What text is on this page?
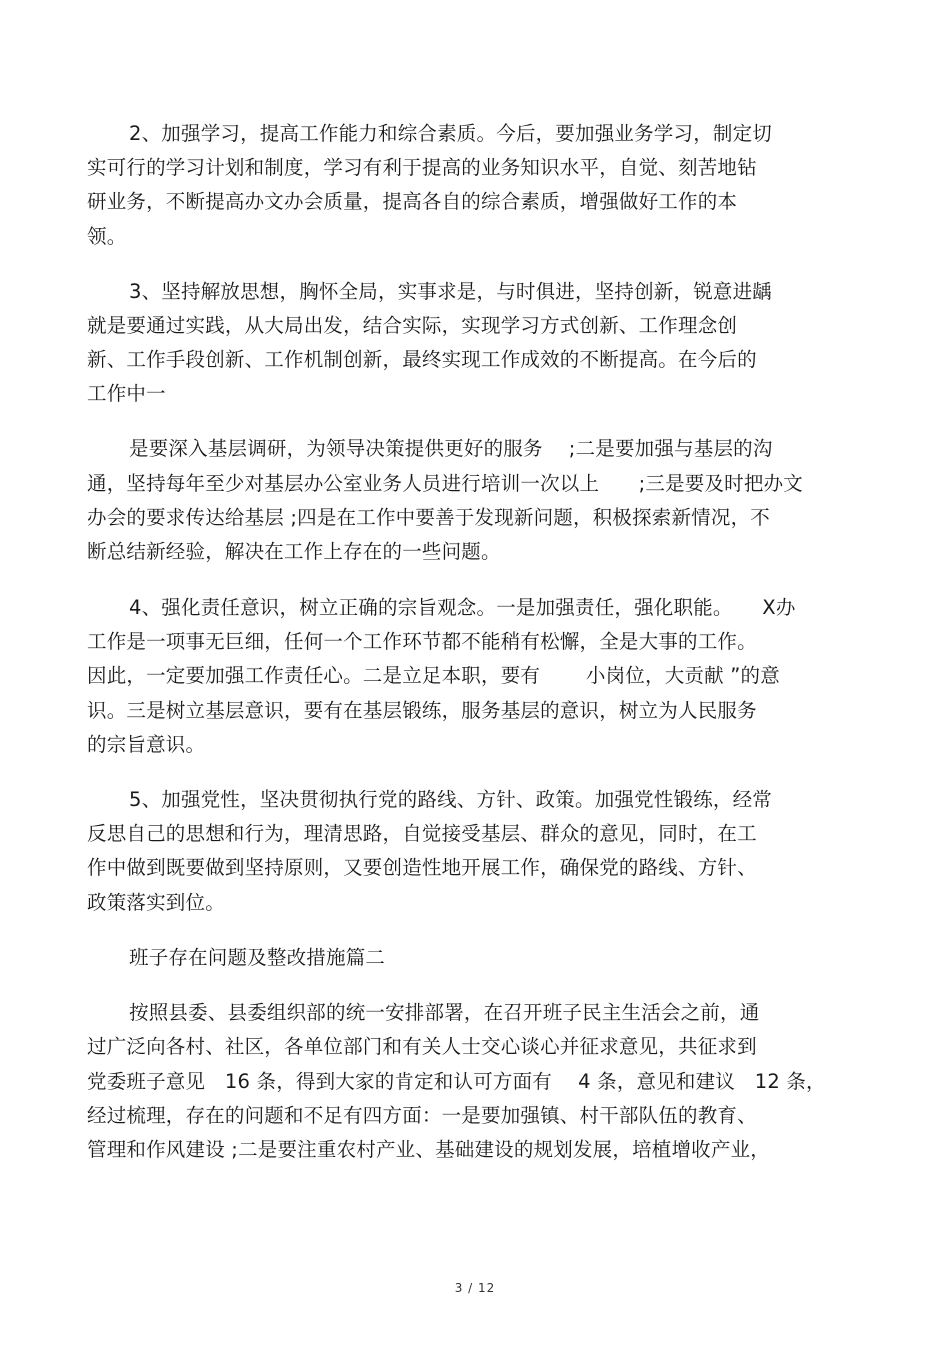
2、加强学习，提高工作能力和综合素质。今后，要加强业务学习，制定切
实可行的学习计划和制度，学习有利于提高的业务知识水平，自觉、刻苦地钻
研业务，不断提高办文办会质量，提高各自的综合素质，增强做好工作的本
领。
3、坚持解放思想，胸怀全局，实事求是，与时俱进，坚持创新，锐意进龋
就是要通过实践，从大局出发，结合实际，实现学习方式创新、工作理念创
新、工作手段创新、工作机制创新，最终实现工作成效的不断提高。在今后的
工作中一
是要深入基层调研，为领导决策提供更好的服务　 ;二是要加强与基层的沟
通，坚持每年至少对基层办公室业务人员进行培训一次以上　　;三是要及时把办文
办会的要求传达给基层 ;四是在工作中要善于发现新问题，积极探索新情况，不
断总结新经验，解决在工作上存在的一些问题。
4、强化责任意识，树立正确的宗旨观念。一是加强责任，强化职能。　　X办
工作是一项事无巨细，任何一个工作环节都不能稍有松懈，全是大事的工作。
因此，一定要加强工作责任心。二是立足本职，要有　　 小岗位，大贡献 ”的意
识。三是树立基层意识，要有在基层锻练，服务基层的意识，树立为人民服务
的宗旨意识。
5、加强党性，坚决贯彻执行党的路线、方针、政策。加强党性锻练，经常
反思自己的思想和行为，理清思路，自觉接受基层、群众的意见，同时，在工
作中做到既要做到坚持原则，又要创造性地开展工作，确保党的路线、方针、
政策落实到位。
班子存在问题及整改措施篇二
按照县委、县委组织部的统一安排部署，在召开班子民主生活会之前，通
过广泛向各村、社区，各单位部门和有关人士交心谈心并征求意见，共征求到
党委班子意见　16 条，得到大家的肯定和认可方面有　 4 条，意见和建议　12 条，
经过梳理，存在的问题和不足有四方面：一是要加强镇、村干部队伍的教育、
管理和作风建设 ;二是要注重农村产业、基础建设的规划发展，培植增收产业，
3 / 12
